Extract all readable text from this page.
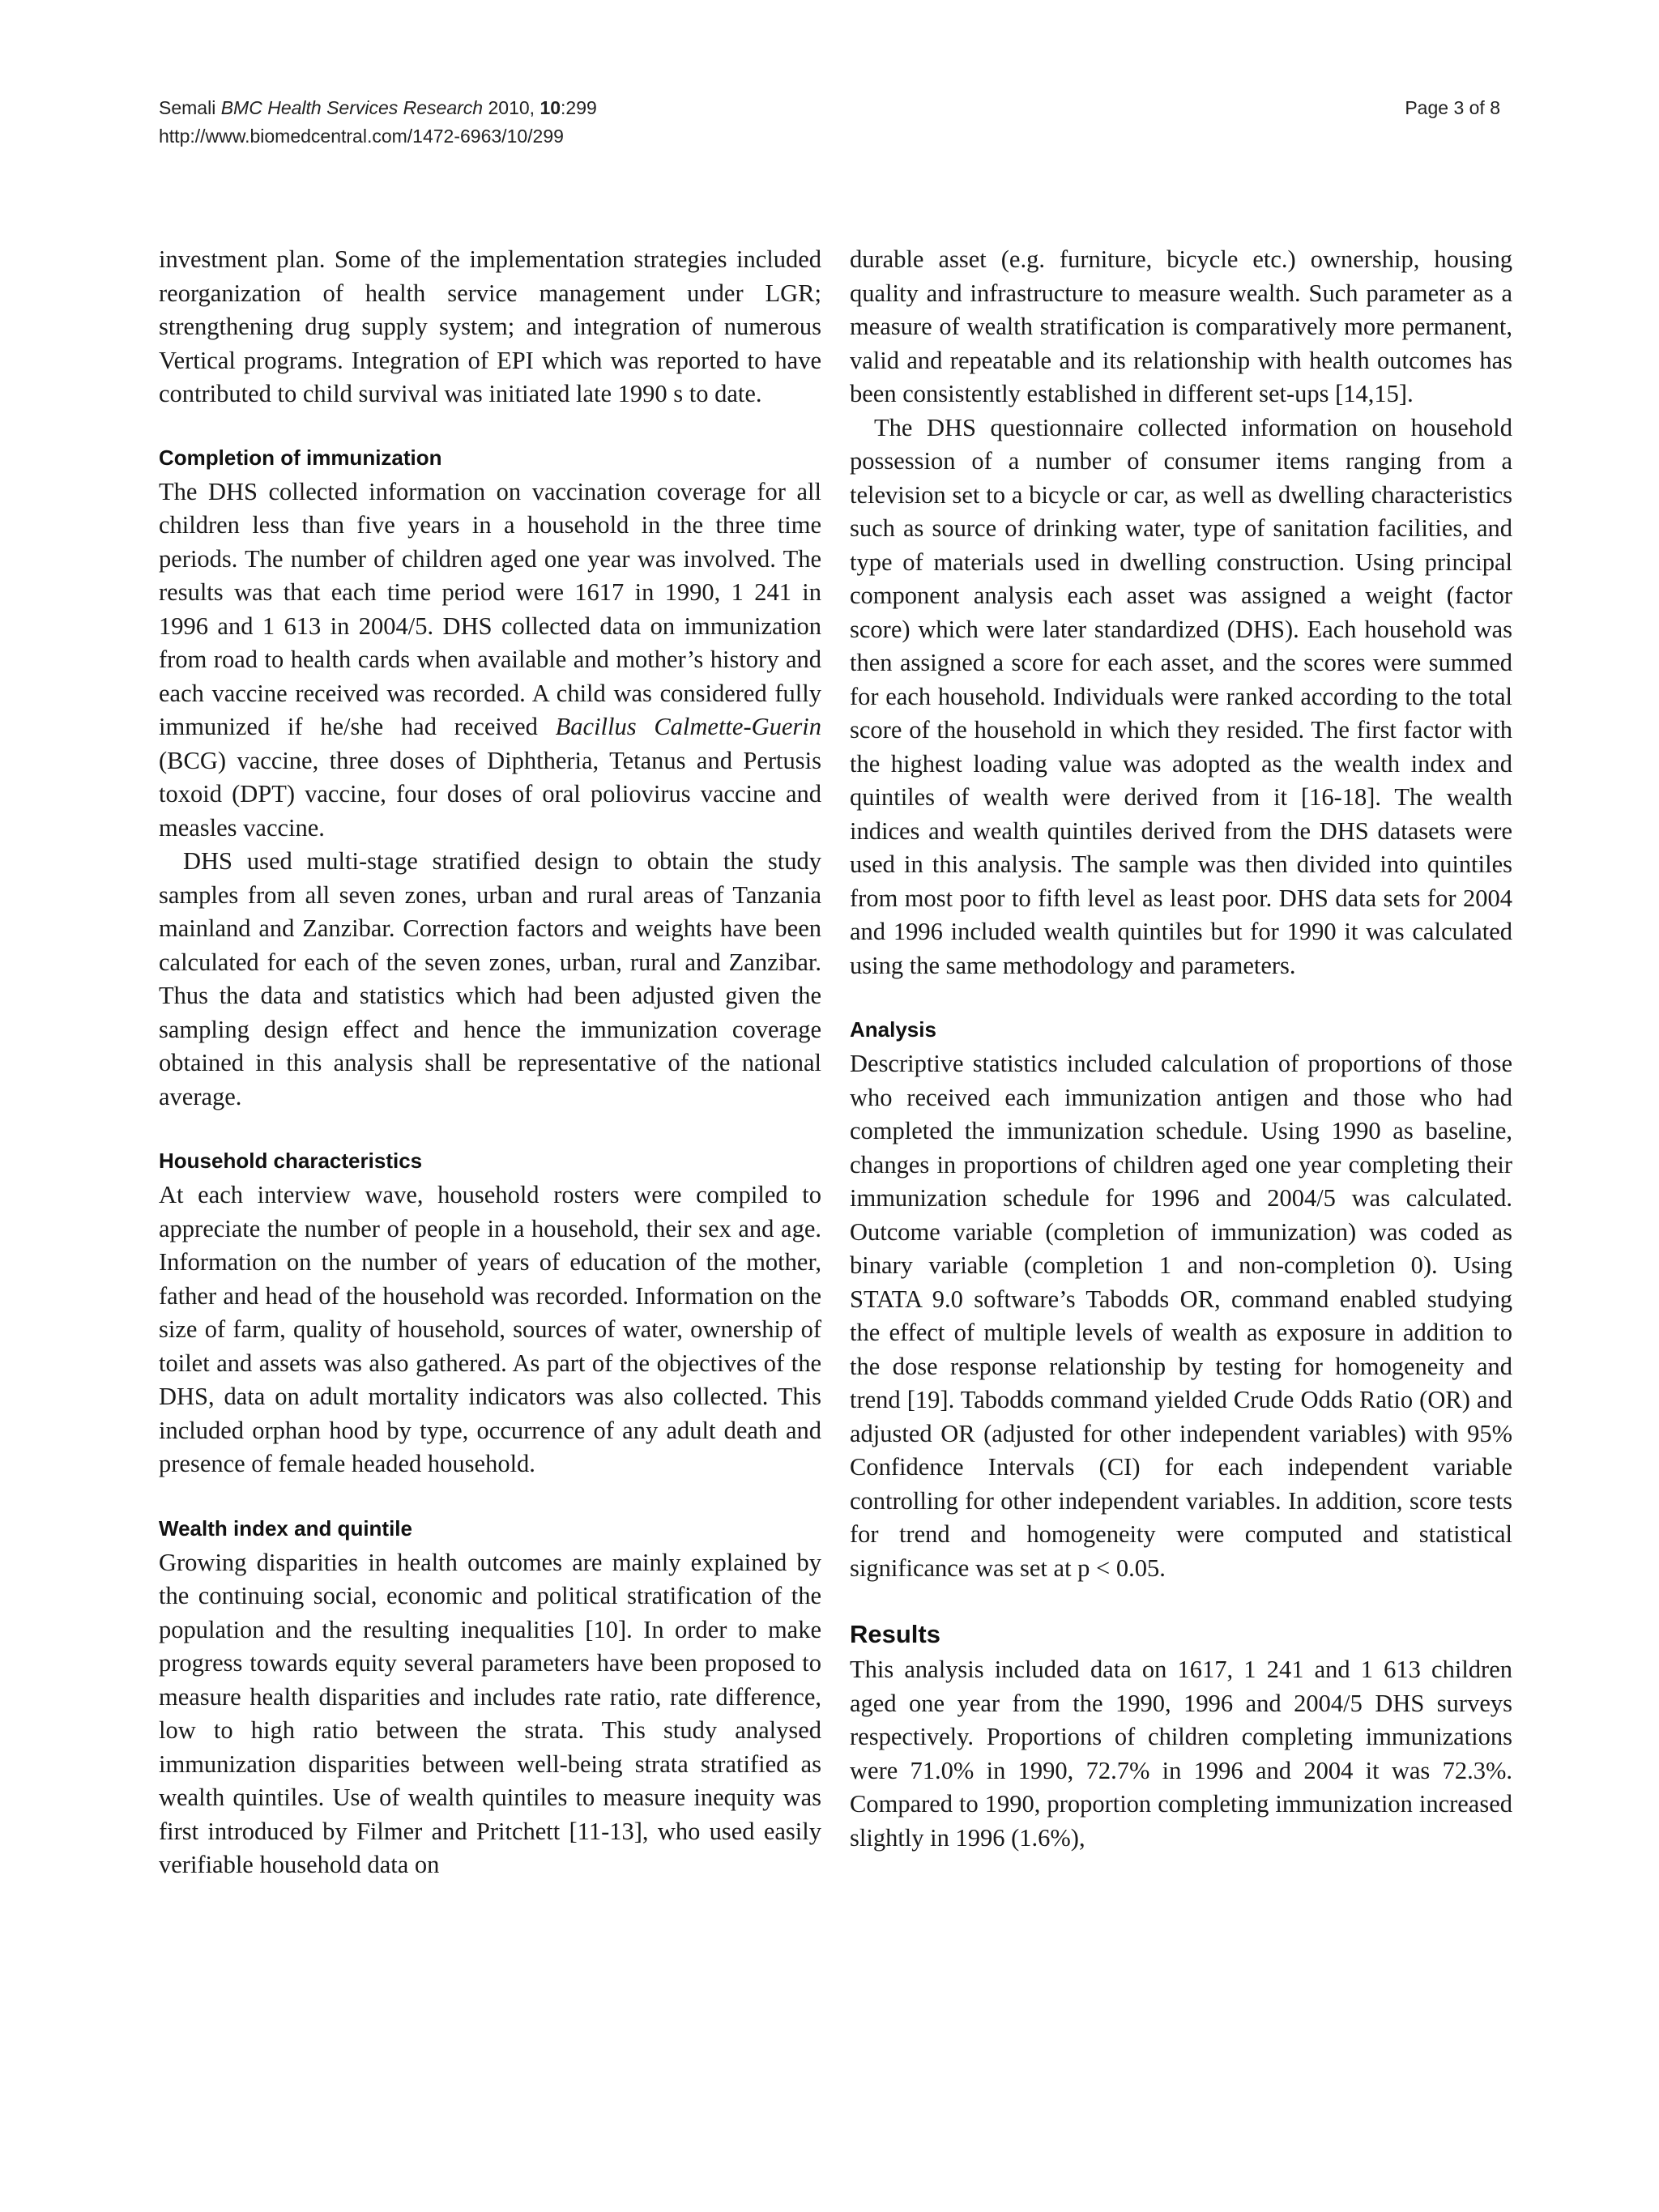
Semali BMC Health Services Research 2010, 10:299
http://www.biomedcentral.com/1472-6963/10/299
Page 3 of 8

investment plan. Some of the implementation strategies included reorganization of health service management under LGR; strengthening drug supply system; and integration of numerous Vertical programs. Integration of EPI which was reported to have contributed to child survival was initiated late 1990 s to date.

Completion of immunization

The DHS collected information on vaccination coverage for all children less than five years in a household in the three time periods. The number of children aged one year was involved. The results was that each time period were 1617 in 1990, 1 241 in 1996 and 1 613 in 2004/5. DHS collected data on immunization from road to health cards when available and mother’s history and each vaccine received was recorded. A child was considered fully immunized if he/she had received Bacillus Calmette-Guerin (BCG) vaccine, three doses of Diphtheria, Tetanus and Pertusis toxoid (DPT) vaccine, four doses of oral poliovirus vaccine and measles vaccine.

DHS used multi-stage stratified design to obtain the study samples from all seven zones, urban and rural areas of Tanzania mainland and Zanzibar. Correction factors and weights have been calculated for each of the seven zones, urban, rural and Zanzibar. Thus the data and statistics which had been adjusted given the sampling design effect and hence the immunization coverage obtained in this analysis shall be representative of the national average.

Household characteristics

At each interview wave, household rosters were compiled to appreciate the number of people in a household, their sex and age. Information on the number of years of education of the mother, father and head of the household was recorded. Information on the size of farm, quality of household, sources of water, ownership of toilet and assets was also gathered. As part of the objectives of the DHS, data on adult mortality indicators was also collected. This included orphan hood by type, occurrence of any adult death and presence of female headed household.

Wealth index and quintile

Growing disparities in health outcomes are mainly explained by the continuing social, economic and political stratification of the population and the resulting inequalities [10]. In order to make progress towards equity several parameters have been proposed to measure health disparities and includes rate ratio, rate difference, low to high ratio between the strata. This study analysed immunization disparities between well-being strata stratified as wealth quintiles. Use of wealth quintiles to measure inequity was first introduced by Filmer and Pritchett [11-13], who used easily verifiable household data on

durable asset (e.g. furniture, bicycle etc.) ownership, housing quality and infrastructure to measure wealth. Such parameter as a measure of wealth stratification is comparatively more permanent, valid and repeatable and its relationship with health outcomes has been consistently established in different set-ups [14,15].

The DHS questionnaire collected information on household possession of a number of consumer items ranging from a television set to a bicycle or car, as well as dwelling characteristics such as source of drinking water, type of sanitation facilities, and type of materials used in dwelling construction. Using principal component analysis each asset was assigned a weight (factor score) which were later standardized (DHS). Each household was then assigned a score for each asset, and the scores were summed for each household. Individuals were ranked according to the total score of the household in which they resided. The first factor with the highest loading value was adopted as the wealth index and quintiles of wealth were derived from it [16-18]. The wealth indices and wealth quintiles derived from the DHS datasets were used in this analysis. The sample was then divided into quintiles from most poor to fifth level as least poor. DHS data sets for 2004 and 1996 included wealth quintiles but for 1990 it was calculated using the same methodology and parameters.

Analysis

Descriptive statistics included calculation of proportions of those who received each immunization antigen and those who had completed the immunization schedule. Using 1990 as baseline, changes in proportions of children aged one year completing their immunization schedule for 1996 and 2004/5 was calculated. Outcome variable (completion of immunization) was coded as binary variable (completion 1 and non-completion 0). Using STATA 9.0 software’s Tabodds OR, command enabled studying the effect of multiple levels of wealth as exposure in addition to the dose response relationship by testing for homogeneity and trend [19]. Tabodds command yielded Crude Odds Ratio (OR) and adjusted OR (adjusted for other independent variables) with 95% Confidence Intervals (CI) for each independent variable controlling for other independent variables. In addition, score tests for trend and homogeneity were computed and statistical significance was set at p < 0.05.

Results

This analysis included data on 1617, 1 241 and 1 613 children aged one year from the 1990, 1996 and 2004/5 DHS surveys respectively. Proportions of children completing immunizations were 71.0% in 1990, 72.7% in 1996 and 2004 it was 72.3%. Compared to 1990, proportion completing immunization increased slightly in 1996 (1.6%),
